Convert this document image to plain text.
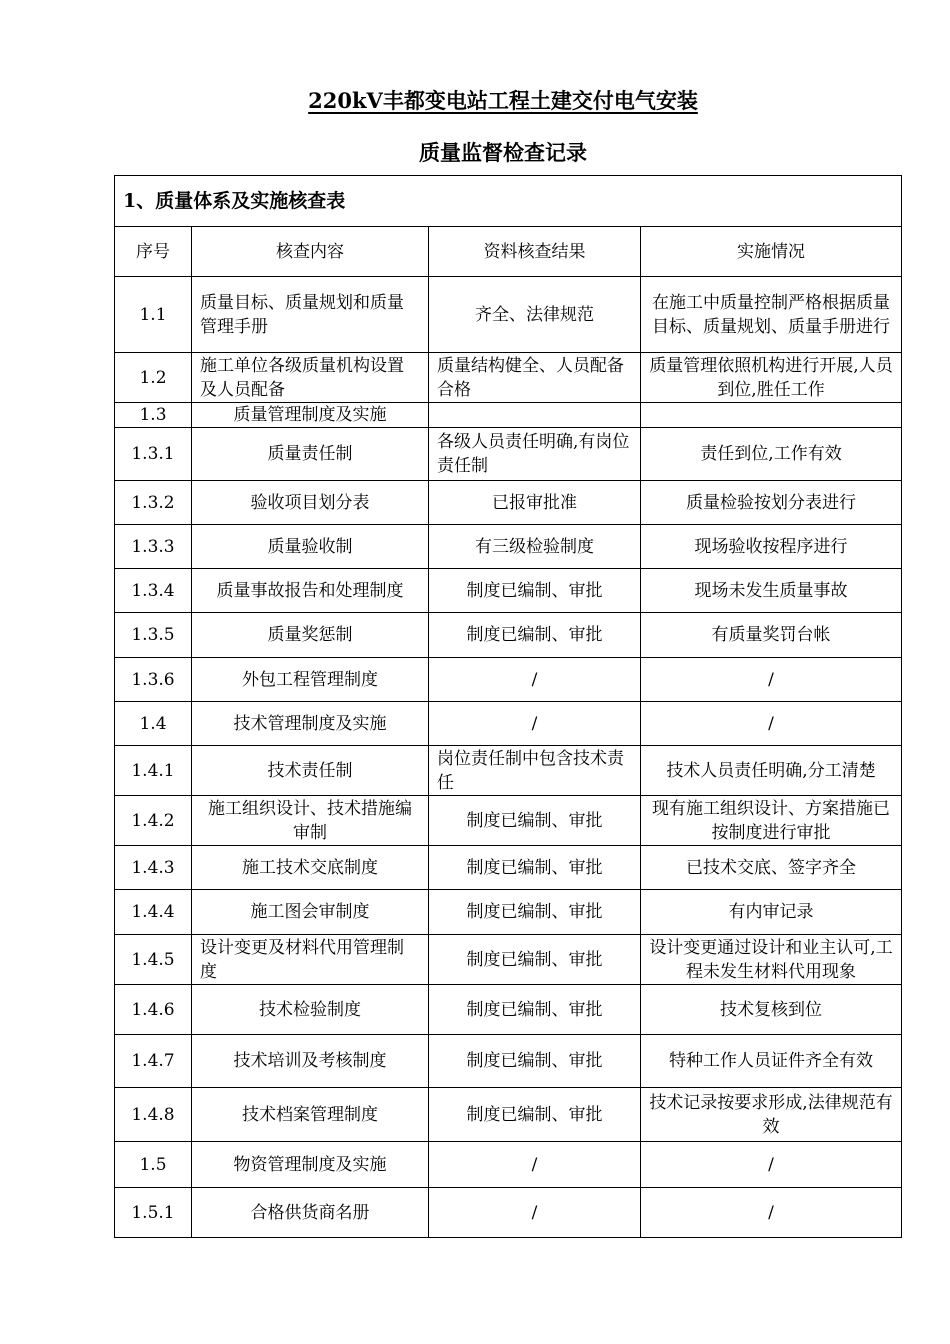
220kV丰都变电站工程土建交付电气安装
质量监督检查记录
1、质量体系及实施核查表			
序号	核查内容	资料核查结果	实施情况
1.1	质量目标、质量规划和质量管理手册	齐全、法律规范	在施工中质量控制严格根据质量目标、质量规划、质量手册进行
1.2	施工单位各级质量机构设置及人员配备	质量结构健全、人员配备合格	质量管理依照机构进行开展,人员到位,胜任工作
1.3	质量管理制度及实施		
1.3.1	质量责任制	各级人员责任明确,有岗位责任制	责任到位,工作有效
1.3.2	验收项目划分表	已报审批准	质量检验按划分表进行
1.3.3	质量验收制	有三级检验制度	现场验收按程序进行
1.3.4	质量事故报告和处理制度	制度已编制、审批	现场未发生质量事故
1.3.5	质量奖惩制	制度已编制、审批	有质量奖罚台帐
1.3.6	外包工程管理制度	/	/
1.4	技术管理制度及实施	/	/
1.4.1	技术责任制	岗位责任制中包含技术责任	技术人员责任明确,分工清楚
1.4.2	施工组织设计、技术措施编审制	制度已编制、审批	现有施工组织设计、方案措施已按制度进行审批
1.4.3	施工技术交底制度	制度已编制、审批	已技术交底、签字齐全
1.4.4	施工图会审制度	制度已编制、审批	有内审记录
1.4.5	设计变更及材料代用管理制度	制度已编制、审批	设计变更通过设计和业主认可,工程未发生材料代用现象
1.4.6	技术检验制度	制度已编制、审批	技术复核到位
1.4.7	技术培训及考核制度	制度已编制、审批	特种工作人员证件齐全有效
1.4.8	技术档案管理制度	制度已编制、审批	技术记录按要求形成,法律规范有效
1.5	物资管理制度及实施	/	/
1.5.1	合格供货商名册	/	/
